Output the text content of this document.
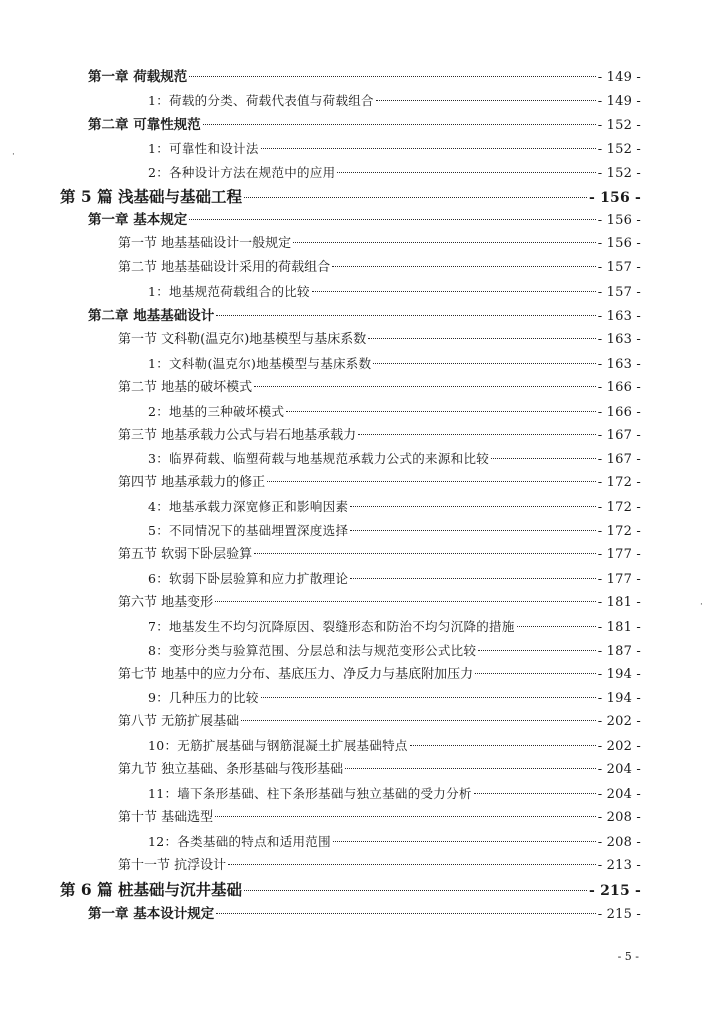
第一章 荷载规范	- 149 -
1：荷载的分类、荷载代表值与荷载组合	- 149 -
第二章 可靠性规范	- 152 -
1：可靠性和设计法	- 152 -
2：各种设计方法在规范中的应用	- 152 -
第 5 篇 浅基础与基础工程	- 156 -
第一章 基本规定	- 156 -
第一节 地基基础设计一般规定	- 156 -
第二节 地基基础设计采用的荷载组合	- 157 -
1：地基规范荷载组合的比较	- 157 -
第二章 地基基础设计	- 163 -
第一节 文科勒(温克尔)地基模型与基床系数	- 163 -
1：文科勒(温克尔)地基模型与基床系数	- 163 -
第二节 地基的破坏模式	- 166 -
2：地基的三种破坏模式	- 166 -
第三节 地基承载力公式与岩石地基承载力	- 167 -
3：临界荷载、临塑荷载与地基规范承载力公式的来源和比较	- 167 -
第四节 地基承载力的修正	- 172 -
4：地基承载力深宽修正和影响因素	- 172 -
5：不同情况下的基础埋置深度选择	- 172 -
第五节 软弱下卧层验算	- 177 -
6：软弱下卧层验算和应力扩散理论	- 177 -
第六节 地基变形	- 181 -
7：地基发生不均匀沉降原因、裂缝形态和防治不均匀沉降的措施	- 181 -
8：变形分类与验算范围、分层总和法与规范变形公式比较	- 187 -
第七节 地基中的应力分布、基底压力、净反力与基底附加压力	- 194 -
9：几种压力的比较	- 194 -
第八节 无筋扩展基础	- 202 -
10：无筋扩展基础与钢筋混凝土扩展基础特点	- 202 -
第九节 独立基础、条形基础与筏形基础	- 204 -
11：墙下条形基础、柱下条形基础与独立基础的受力分析	- 204 -
第十节 基础选型	- 208 -
12：各类基础的特点和适用范围	- 208 -
第十一节 抗浮设计	- 213 -
第 6 篇 桩基础与沉井基础	- 215 -
第一章 基本设计规定	- 215 -
- 5 -
·
·
